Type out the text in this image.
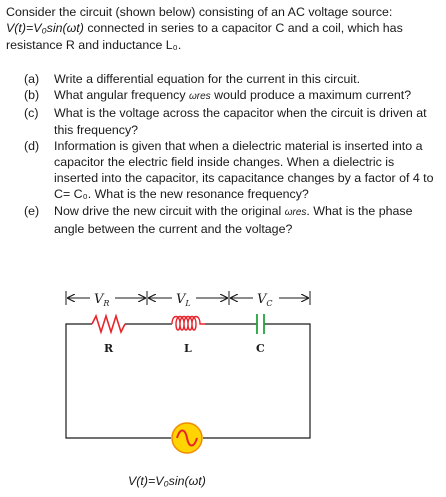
Consider the circuit (shown below) consisting of an AC voltage source:
V(t)=V₀sin(ωt) connected in series to a capacitor C and a coil, which has
resistance R and inductance L₀.
(a)	Write a differential equation for the current in this circuit.
(b)	What angular frequency ωres would produce a maximum current?
(c)	What is the voltage across the capacitor when the circuit is driven at this frequency?
(d)	Information is given that when a dielectric material is inserted into a capacitor the electric field inside changes. When a dielectric is inserted into the capacitor, its capacitance changes by a factor of 4 to C= C₀. What is the new resonance frequency?
(e)	Now drive the new circuit with the original ωres. What is the phase angle between the current and the voltage?
$V_R$	$V_L$	$V_C$
R	L	C
V(t)=V₀sin(ωt)
